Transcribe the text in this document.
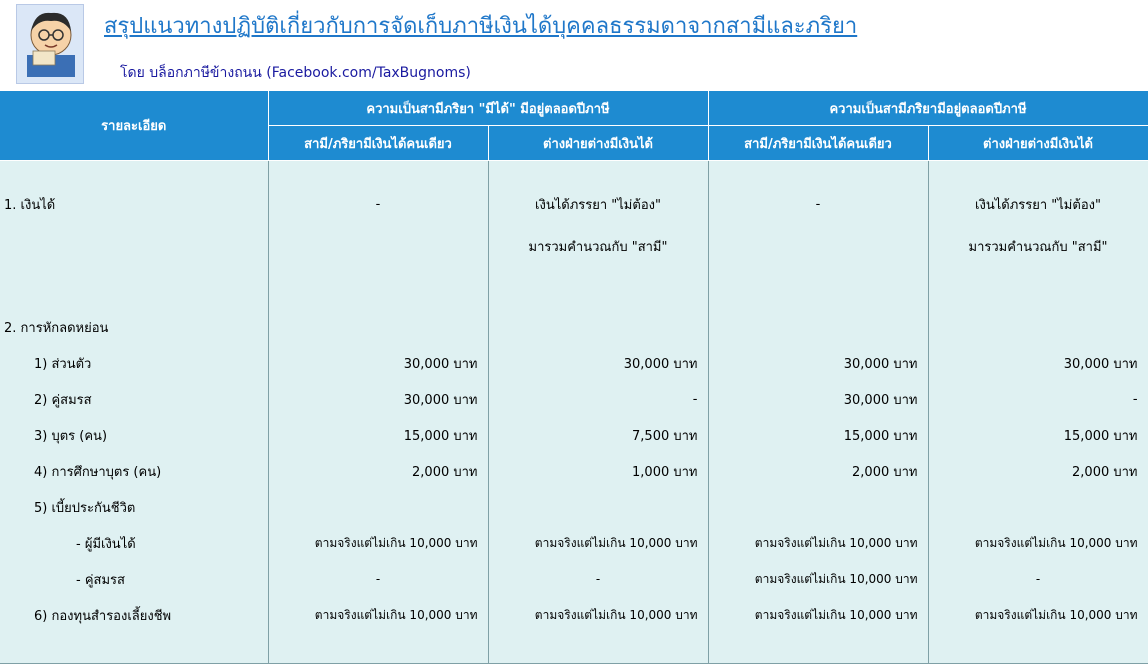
สรุปแนวทางปฏิบัติเกี่ยวกับการจัดเก็บภาษีเงินได้บุคคลธรรมดาจากสามีและภริยา
โดย บล็อกภาษีข้างถนน (Facebook.com/TaxBugnoms)
รายละเอียด	ความเป็นสามีภริยา "มีได้" มีอยู่ตลอดปีภาษี		ความเป็นสามีภริยามีอยู่ตลอดปีภาษี	
	สามี/ภริยามีเงินได้คนเดียว	ต่างฝ่ายต่างมีเงินได้	สามี/ภริยามีเงินได้คนเดียว	ต่างฝ่ายต่างมีเงินได้

1. เงินได้	-	เงินได้ภรรยา "ไม่ต้อง"	-	เงินได้ภรรยา "ไม่ต้อง"
		มารวมคำนวณกับ "สามี"		มารวมคำนวณกับ "สามี"

2. การหักลดหย่อน				
1) ส่วนตัว	30,000 บาท	30,000 บาท	30,000 บาท	30,000 บาท
2) คู่สมรส	30,000 บาท	-	30,000 บาท	-
3) บุตร (คน)	15,000 บาท	7,500 บาท	15,000 บาท	15,000 บาท
4) การศึกษาบุตร (คน)	2,000 บาท	1,000 บาท	2,000 บาท	2,000 บาท
5) เบี้ยประกันชีวิต				
- ผู้มีเงินได้	ตามจริงแต่ไม่เกิน 10,000 บาท	ตามจริงแต่ไม่เกิน 10,000 บาท	ตามจริงแต่ไม่เกิน 10,000 บาท	ตามจริงแต่ไม่เกิน 10,000 บาท
- คู่สมรส	-	-	ตามจริงแต่ไม่เกิน 10,000 บาท	-
6) กองทุนสำรองเลี้ยงชีพ	ตามจริงแต่ไม่เกิน 10,000 บาท	ตามจริงแต่ไม่เกิน 10,000 บาท	ตามจริงแต่ไม่เกิน 10,000 บาท	ตามจริงแต่ไม่เกิน 10,000 บาท
